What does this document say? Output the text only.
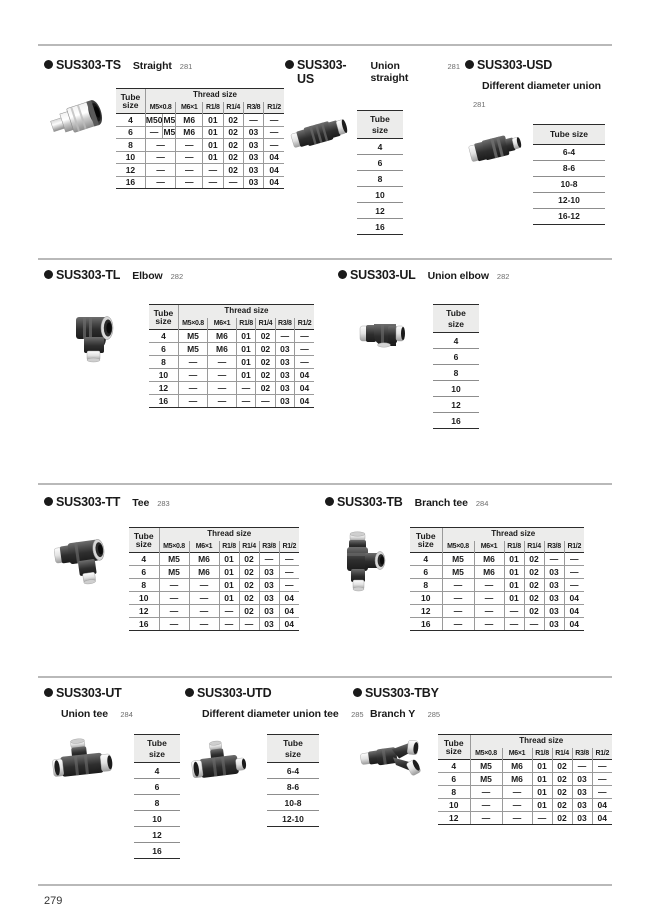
SUS303-TS Straight 281
Tube
size	Thread size						
	M5×0.8		M6×1	R1/8	R1/4	R3/8	R1/2
4	M50	M5	M6	01	02	—	—
6	—	M5	M6	01	02	03	—
8	—		—	01	02	03	—
10	—		—	01	02	03	04
12	—		—	—	02	03	04
16	—		—	—	—	03	04
SUS303-US
Union straight
281
Tube
size
4
6
8
10
12
16
SUS303-USD
Different diameter union 281
Tube size
6-4
8-6
10-8
12-10
16-12
SUS303-TL Elbow 282
Tube
size	Thread size					
	M5×0.8	M6×1	R1/8	R1/4	R3/8	R1/2
4	M5	M6	01	02	—	—
6	M5	M6	01	02	03	—
8	—	—	01	02	03	—
10	—	—	01	02	03	04
12	—	—	—	02	03	04
16	—	—	—	—	03	04
SUS303-UL Union elbow 282
Tube
size
4
6
8
10
12
16
SUS303-TT Tee 283
Tube
size	Thread size					
	M5×0.8	M6×1	R1/8	R1/4	R3/8	R1/2
4	M5	M6	01	02	—	—
6	M5	M6	01	02	03	—
8	—	—	01	02	03	—
10	—	—	01	02	03	04
12	—	—	—	02	03	04
16	—	—	—	—	03	04
SUS303-TB Branch tee 284
Tube
size	Thread size					
	M5×0.8	M6×1	R1/8	R1/4	R3/8	R1/2
4	M5	M6	01	02	—	—
6	M5	M6	01	02	03	—
8	—	—	01	02	03	—
10	—	—	01	02	03	04
12	—	—	—	02	03	04
16	—	—	—	—	03	04
SUS303-UT
Union tee 284
Tube
size
4
6
8
10
12
16
SUS303-UTD
Different diameter union tee 285
Tube
size
6-4
8-6
10-8
12-10
SUS303-TBY
Branch Y 285
Tube
size	Thread size					
	M5×0.8	M6×1	R1/8	R1/4	R3/8	R1/2
4	M5	M6	01	02	—	—
6	M5	M6	01	02	03	—
8	—	—	01	02	03	—
10	—	—	01	02	03	04
12	—	—	—	02	03	04
279
